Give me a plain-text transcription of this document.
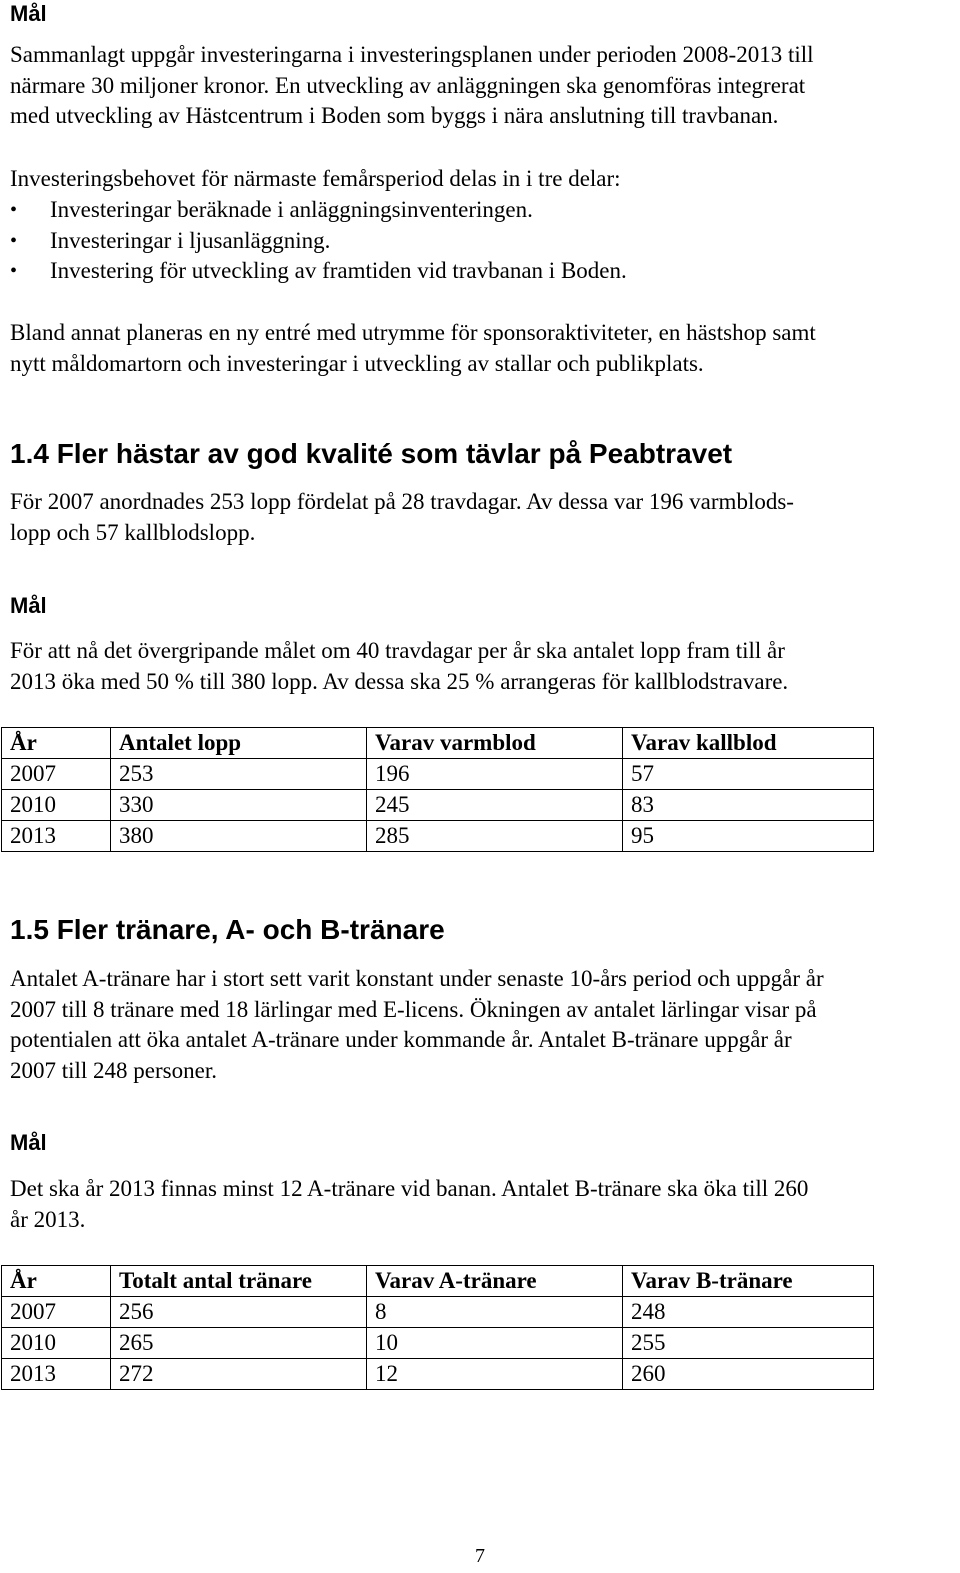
Mål

Sammanlagt uppgår investeringarna i investeringsplanen under perioden 2008-2013 till
närmare 30 miljoner kronor. En utveckling av anläggningen ska genomföras integrerat
med utveckling av Hästcentrum i Boden som byggs i nära anslutning till travbanan.

Investeringsbehovet för närmaste femårsperiod delas in i tre delar:

• Investeringar beräknade i anläggningsinventeringen.
• Investeringar i ljusanläggning.
• Investering för utveckling av framtiden vid travbanan i Boden.

Bland annat planeras en ny entré med utrymme för sponsoraktiviteter, en hästshop samt
nytt måldomartorn och investeringar i utveckling av stallar och publikplats.

1.4 Fler hästar av god kvalité som tävlar på Peabtravet

För 2007 anordnades 253 lopp fördelat på 28 travdagar. Av dessa var 196 varmblods-
lopp och 57 kallblodslopp.

Mål

För att nå det övergripande målet om 40 travdagar per år ska antalet lopp fram till år
2013 öka med 50 % till 380 lopp. Av dessa ska 25 % arrangeras för kallblodstravare.

År	Antalet lopp	Varav varmblod	Varav kallblod
2007	253	196	57
2010	330	245	83
2013	380	285	95
1.5 Fler tränare, A- och B-tränare

Antalet A-tränare har i stort sett varit konstant under senaste 10-års period och uppgår år
2007 till 8 tränare med 18 lärlingar med E-licens. Ökningen av antalet lärlingar visar på
potentialen att öka antalet A-tränare under kommande år. Antalet B-tränare uppgår år
2007 till 248 personer.

Mål

Det ska år 2013 finnas minst 12 A-tränare vid banan. Antalet B-tränare ska öka till 260
år 2013.

År	Totalt antal tränare	Varav A-tränare	Varav B-tränare
2007	256	8	248
2010	265	10	255
2013	272	12	260
7
